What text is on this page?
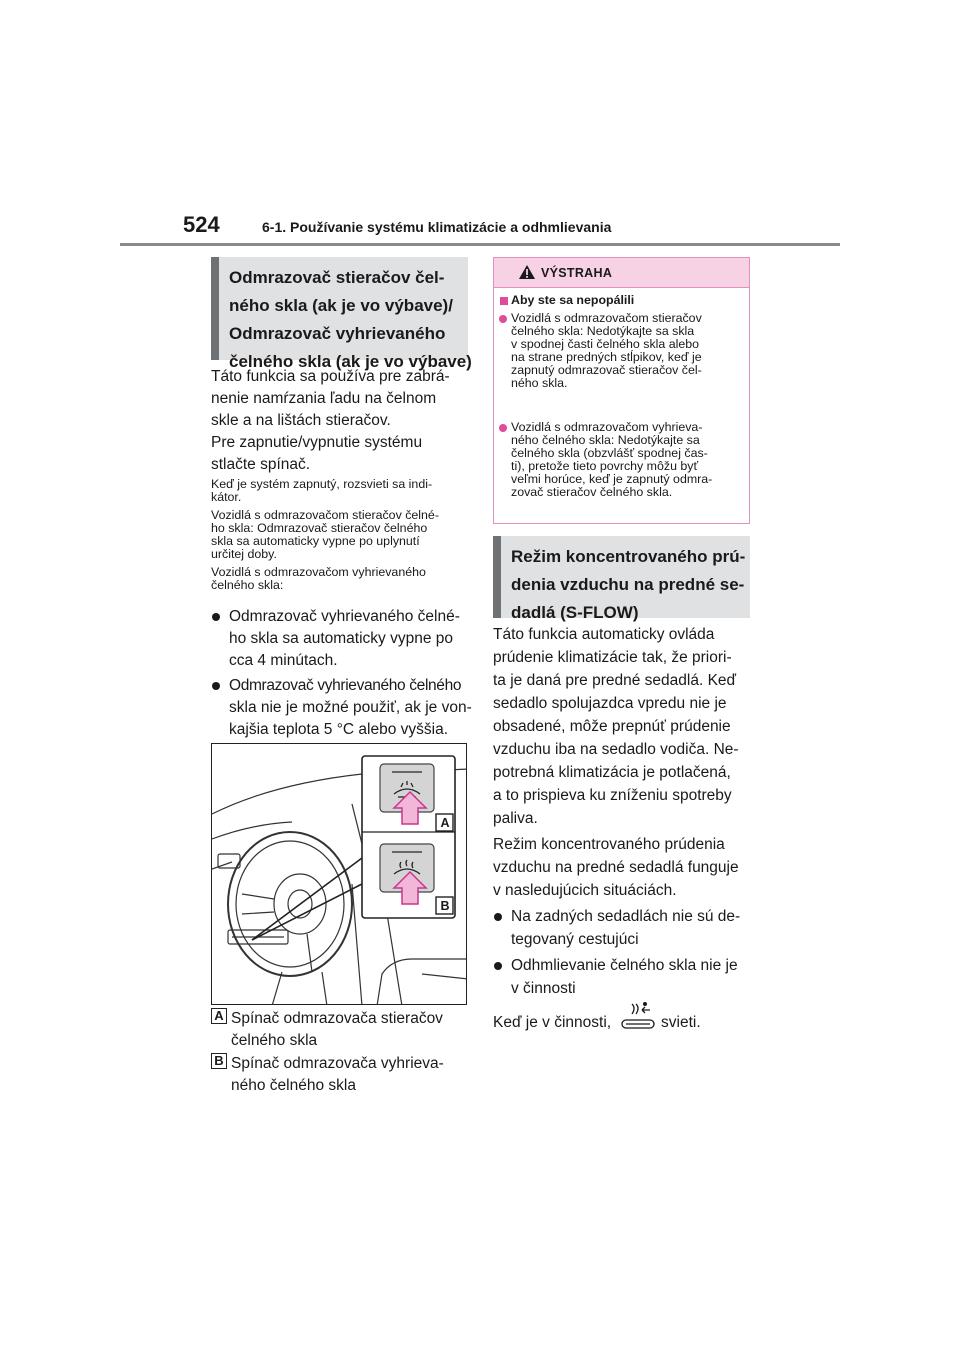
524	6-1. Používanie systému klimatizácie a odhmlievania
Odmrazovač stieračov čel-
ného skla (ak je vo výbave)/
Odmrazovač vyhrievaného
čelného skla (ak je vo výbave)
Táto funkcia sa používa pre zabrá-
nenie namŕzania ľadu na čelnom
skle a na lištách stieračov.
Pre zapnutie/vypnutie systému
stlačte spínač.
Keď je systém zapnutý, rozsvieti sa indi-
kátor.
Vozidlá s odmrazovačom stieračov čelné-
ho skla: Odmrazovač stieračov čelného
skla sa automaticky vypne po uplynutí
určitej doby.
Vozidlá s odmrazovačom vyhrievaného
čelného skla:
Odmrazovač vyhrievaného čelné-
ho skla sa automaticky vypne po
cca 4 minútach.
Odmrazovač vyhrievaného čelného
skla nie je možné použiť, ak je von-
kajšia teplota 5 °C alebo vyššia.
A
B
A Spínač odmrazovača stieračov
čelného skla
B Spínač odmrazovača vyhrieva-
ného čelného skla
VÝSTRAHA
Aby ste sa nepopálili
Vozidlá s odmrazovačom stieračov
čelného skla: Nedotýkajte sa skla
v spodnej časti čelného skla alebo
na strane predných stĺpikov, keď je
zapnutý odmrazovač stieračov čel-
ného skla.
Vozidlá s odmrazovačom vyhrieva-
ného čelného skla: Nedotýkajte sa
čelného skla (obzvlášť spodnej čas-
ti), pretože tieto povrchy môžu byť
veľmi horúce, keď je zapnutý odmra-
zovač stieračov čelného skla.
Režim koncentrovaného prú-
denia vzduchu na predné se-
dadlá (S-FLOW)
Táto funkcia automaticky ovláda
prúdenie klimatizácie tak, že priori-
ta je daná pre predné sedadlá. Keď
sedadlo spolujazdca vpredu nie je
obsadené, môže prepnúť prúdenie
vzduchu iba na sedadlo vodiča. Ne-
potrebná klimatizácia je potlačená,
a to prispieva ku zníženiu spotreby
paliva.
Režim koncentrovaného prúdenia
vzduchu na predné sedadlá funguje
v nasledujúcich situáciách.
Na zadných sedadlách nie sú de-
tegovaný cestujúci
Odhmlievanie čelného skla nie je
v činnosti
Keď je v činnosti,	svieti.
